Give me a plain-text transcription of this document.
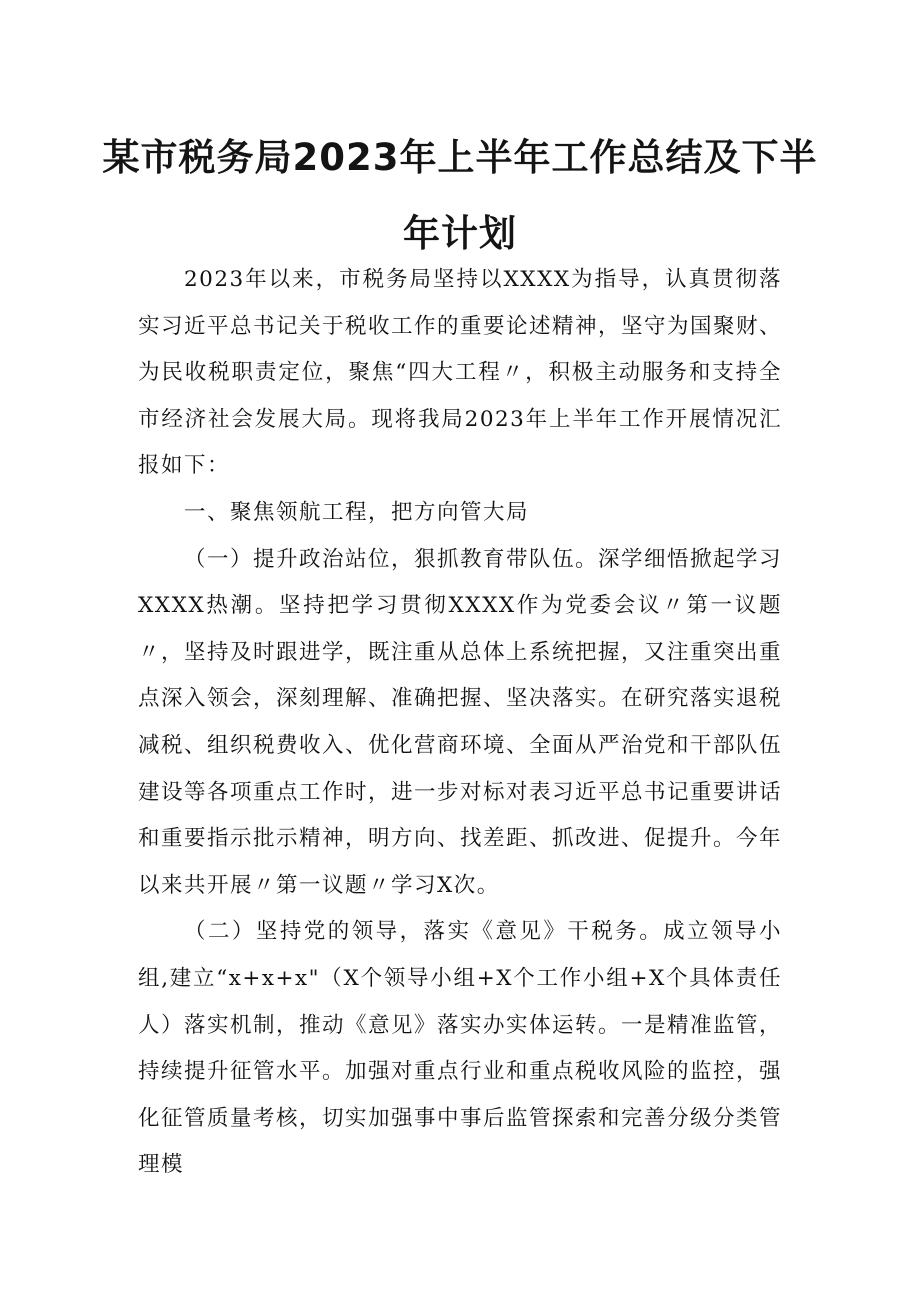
某市税务局2023年上半年工作总结及下半
年计划

2023年以来，市税务局坚持以XXXX为指导，认真贯彻落实习近平总书记关于税收工作的重要论述精神，坚守为国聚财、为民收税职责定位，聚焦“四大工程〃，积极主动服务和支持全市经济社会发展大局。现将我局2023年上半年工作开展情况汇报如下：

一、聚焦领航工程，把方向管大局

（一）提升政治站位，狠抓教育带队伍。深学细悟掀起学习XXXX热潮。坚持把学习贯彻XXXX作为党委会议〃第一议题〃，坚持及时跟进学，既注重从总体上系统把握，又注重突出重点深入领会，深刻理解、准确把握、坚决落实。在研究落实退税减税、组织税费收入、优化营商环境、全面从严治党和干部队伍建设等各项重点工作时，进一步对标对表习近平总书记重要讲话和重要指示批示精神，明方向、找差距、抓改进、促提升。今年以来共开展〃第一议题〃学习X次。

（二）坚持党的领导，落实《意见》干税务。成立领导小组,建立“x+x+x"（X个领导小组+X个工作小组+X个具体责任人）落实机制，推动《意见》落实办实体运转。一是精准监管，持续提升征管水平。加强对重点行业和重点税收风险的监控，强化征管质量考核，切实加强事中事后监管探索和完善分级分类管理模
